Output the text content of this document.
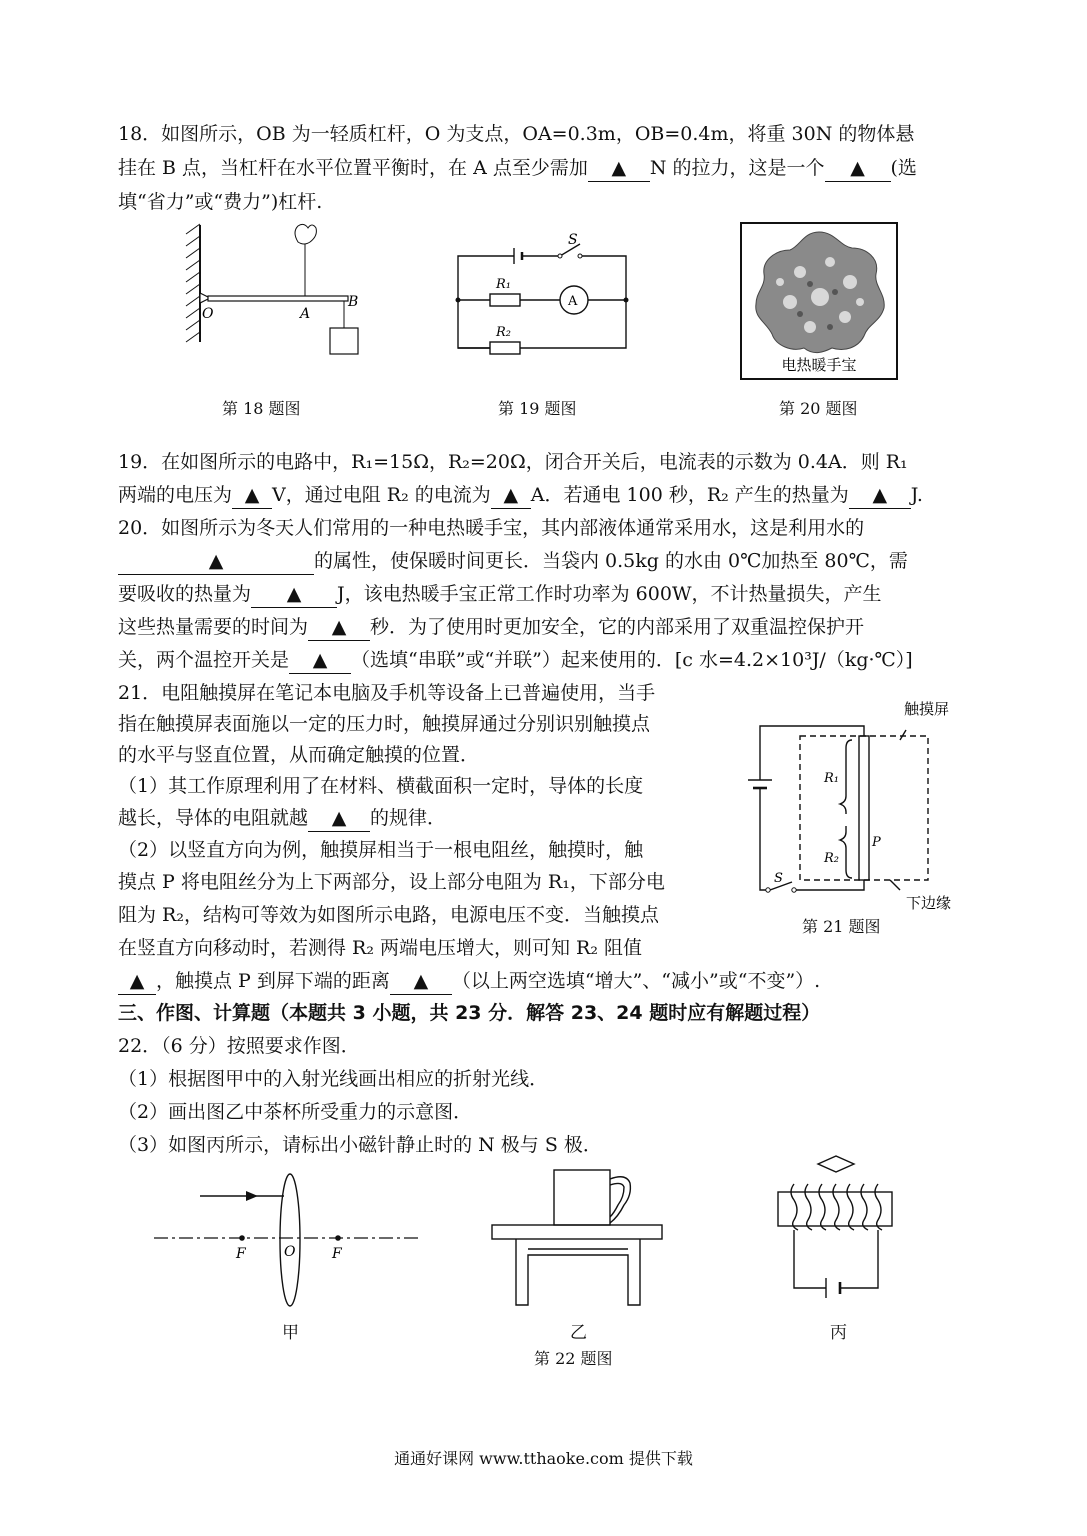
18．如图所示，OB 为一轻质杠杆，O 为支点，OA=0.3m，OB=0.4m，将重 30N 的物体悬
挂在 B 点，当杠杆在水平位置平衡时，在 A 点至少需加 ▲ N 的拉力，这是一个 ▲ (选
填“省力”或“费力”)杠杆.
O	A
B
第 18 题图
S
R₁
R₂
A
第 19 题图
电热暖手宝
第 20 题图
19．在如图所示的电路中，R₁=15Ω，R₂=20Ω，闭合开关后，电流表的示数为 0.4A．则 R₁
两端的电压为 ▲ V，通过电阻 R₂ 的电流为 ▲ A．若通电 100 秒，R₂ 产生的热量为 ▲ J.
20．如图所示为冬天人们常用的一种电热暖手宝，其内部液体通常采用水，这是利用水的
▲	的属性，使保暖时间更长．当袋内 0.5kg 的水由 0℃加热至 80℃，需
要吸收的热量为 ▲ J，该电热暖手宝正常工作时功率为 600W，不计热量损失，产生
这些热量需要的时间为 ▲ 秒．为了使用时更加安全，它的内部采用了双重温控保护开
关，两个温控开关是 ▲ （选填“串联”或“并联”）起来使用的．[c 水=4.2×10³J/（kg·℃）]
21．电阻触摸屏在笔记本电脑及手机等设备上已普遍使用，当手
指在触摸屏表面施以一定的压力时，触摸屏通过分别识别触摸点
的水平与竖直位置，从而确定触摸的位置．
（1）其工作原理利用了在材料、横截面积一定时，导体的长度
越长，导体的电阻就越 ▲ 的规律．
（2）以竖直方向为例，触摸屏相当于一根电阻丝，触摸时，触
摸点 P 将电阻丝分为上下两部分，设上部分电阻为 R₁，下部分电
阻为 R₂，结构可等效为如图所示电路，电源电压不变．当触摸点
在竖直方向移动时，若测得 R₂ 两端电压增大，则可知 R₂ 阻值
▲ ，触摸点 P 到屏下端的距离 ▲ （以上两空选填“增大”、“减小”或“不变”）.
触摸屏
R₁
R₂
P
S
下边缘
第 21 题图
三、作图、计算题（本题共 3 小题，共 23 分．解答 23、24 题时应有解题过程）
22．（6 分）按照要求作图．
（1）根据图甲中的入射光线画出相应的折射光线．
（2）画出图乙中茶杯所受重力的示意图．
（3）如图丙所示，请标出小磁针静止时的 N 极与 S 极．
F	O	F
甲	乙	丙
第 22 题图
通通好课网 www.tthaoke.com 提供下载
